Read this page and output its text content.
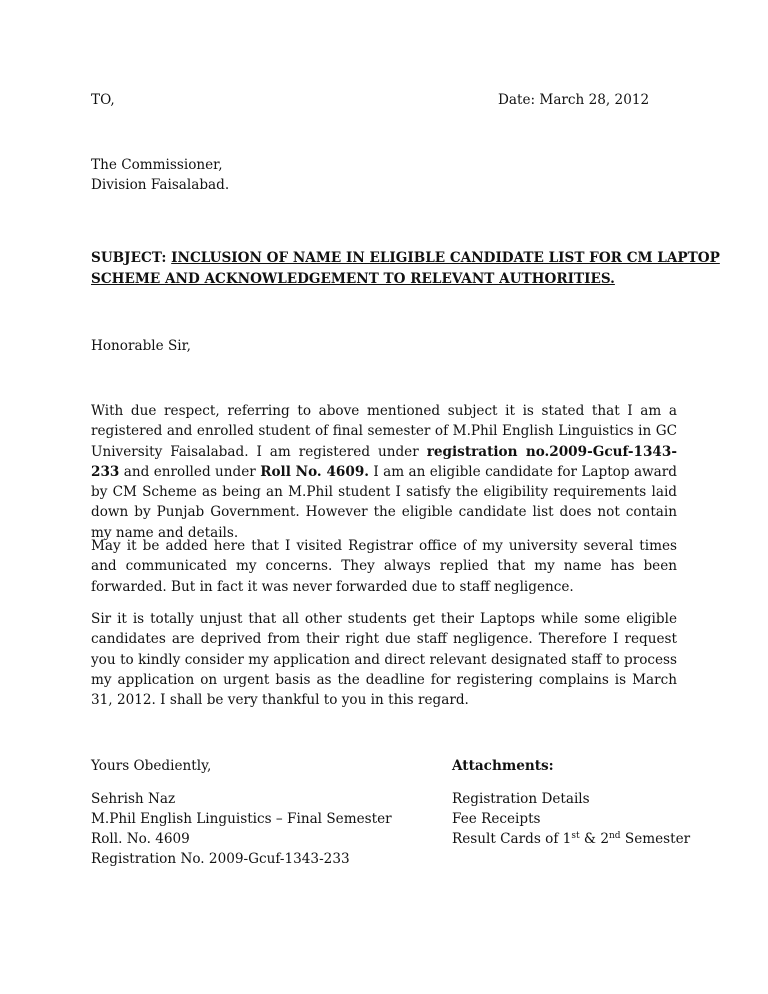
TO,	Date: March 28, 2012
The Commissioner,
Division Faisalabad.
SUBJECT: INCLUSION OF NAME IN ELIGIBLE CANDIDATE LIST FOR CM LAPTOP
SCHEME AND ACKNOWLEDGEMENT TO RELEVANT AUTHORITIES.
Honorable Sir,

With due respect, referring to above mentioned subject it is stated that I am a registered and enrolled student of final semester of M.Phil English Linguistics in GC University Faisalabad. I am registered under registration no.2009-Gcuf-1343-233 and enrolled under Roll No. 4609. I am an eligible candidate for Laptop award by CM Scheme as being an M.Phil student I satisfy the eligibility requirements laid down by Punjab Government. However the eligible candidate list does not contain my name and details.

May it be added here that I visited Registrar office of my university several times and communicated my concerns. They always replied that my name has been forwarded. But in fact it was never forwarded due to staff negligence.

Sir it is totally unjust that all other students get their Laptops while some eligible candidates are deprived from their right due staff negligence. Therefore I request you to kindly consider my application and direct relevant designated staff to process my application on urgent basis as the deadline for registering complains is March 31, 2012. I shall be very thankful to you in this regard.

Yours Obediently,
Sehrish Naz
M.Phil English Linguistics – Final Semester
Roll. No. 4609
Registration No. 2009-Gcuf-1343-233
Attachments:
Registration Details
Fee Receipts
Result Cards of 1st & 2nd Semester
